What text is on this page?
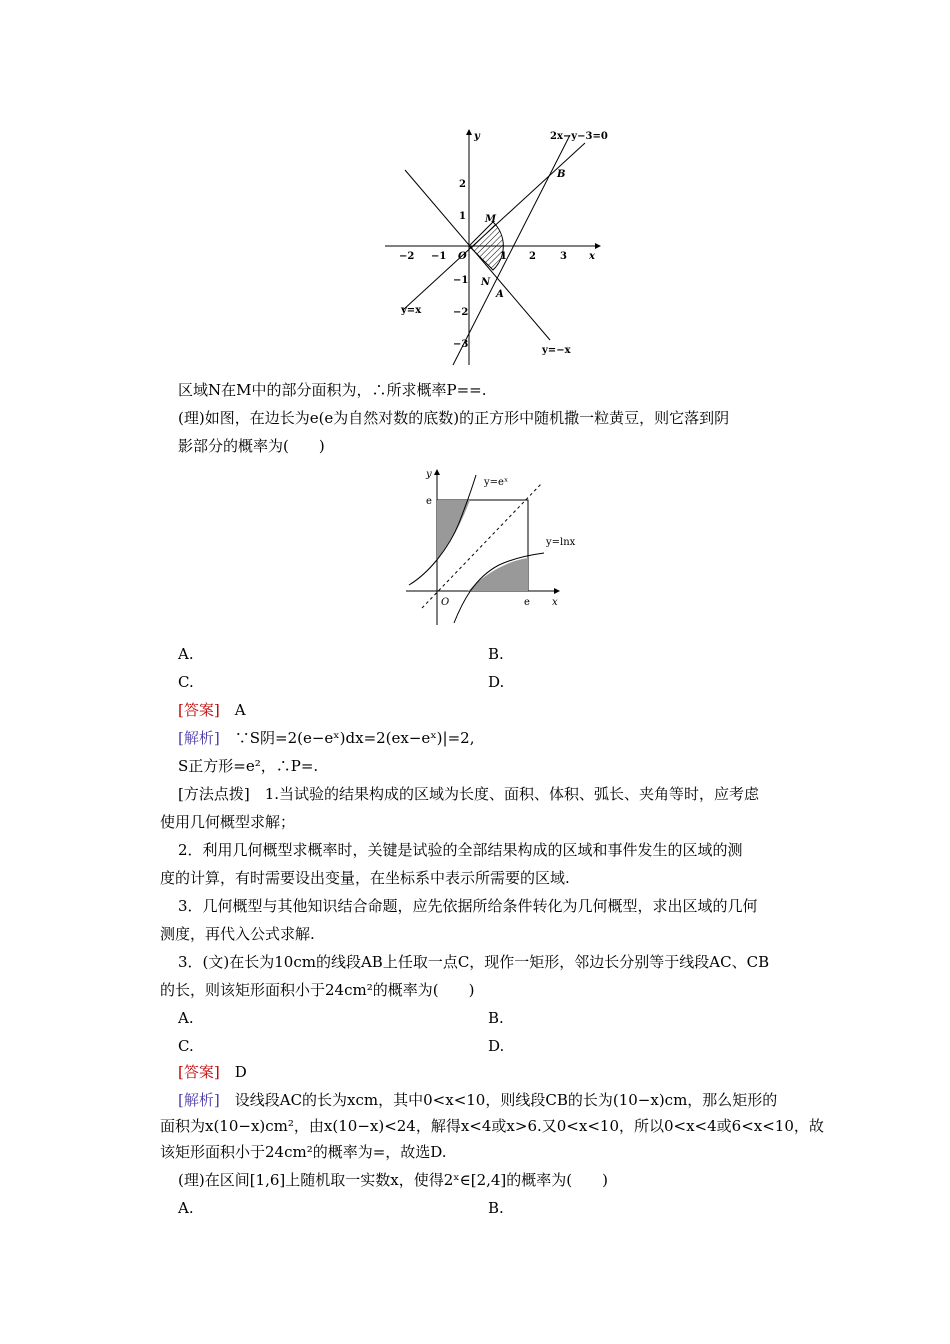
2x−y−3=0
B
M
N
A
O	x
y
y=x
y=−x
−2 −1	1 2 3
2
1
−1
−2
−3
区域N在M中的部分面积为，∴所求概率P==.
(理)如图，在边长为e(e为自然对数的底数)的正方形中随机撒一粒黄豆，则它落到阴
影部分的概率为(　　)
y
x
e
e
O
y=eˣ
y=lnx
A.	B.
C.	D.
[答案]　 A
[解析]　 ∵S阴=2(e−eˣ)dx=2(ex−eˣ)|=2,
S正方形=e²，∴P=.
[方法点拨]　1.当试验的结果构成的区域为长度、面积、体积、弧长、夹角等时，应考虑
使用几何概型求解；
2．利用几何概型求概率时，关键是试验的全部结果构成的区域和事件发生的区域的测
度的计算，有时需要设出变量，在坐标系中表示所需要的区域.
3．几何概型与其他知识结合命题，应先依据所给条件转化为几何概型，求出区域的几何
测度，再代入公式求解.
3．(文)在长为10cm的线段AB上任取一点C，现作一矩形，邻边长分别等于线段AC、CB
的长，则该矩形面积小于24cm²的概率为(　　)
A.	B.
C.	D.
[答案]　 D
[解析]　 设线段AC的长为xcm，其中0<x<10，则线段CB的长为(10−x)cm，那么矩形的
面积为x(10−x)cm²，由x(10−x)<24，解得x<4或x>6.又0<x<10，所以0<x<4或6<x<10，故
该矩形面积小于24cm²的概率为=，故选D.
(理)在区间[1,6]上随机取一实数x，使得2ˣ∈[2,4]的概率为(　　)
A.	B.
